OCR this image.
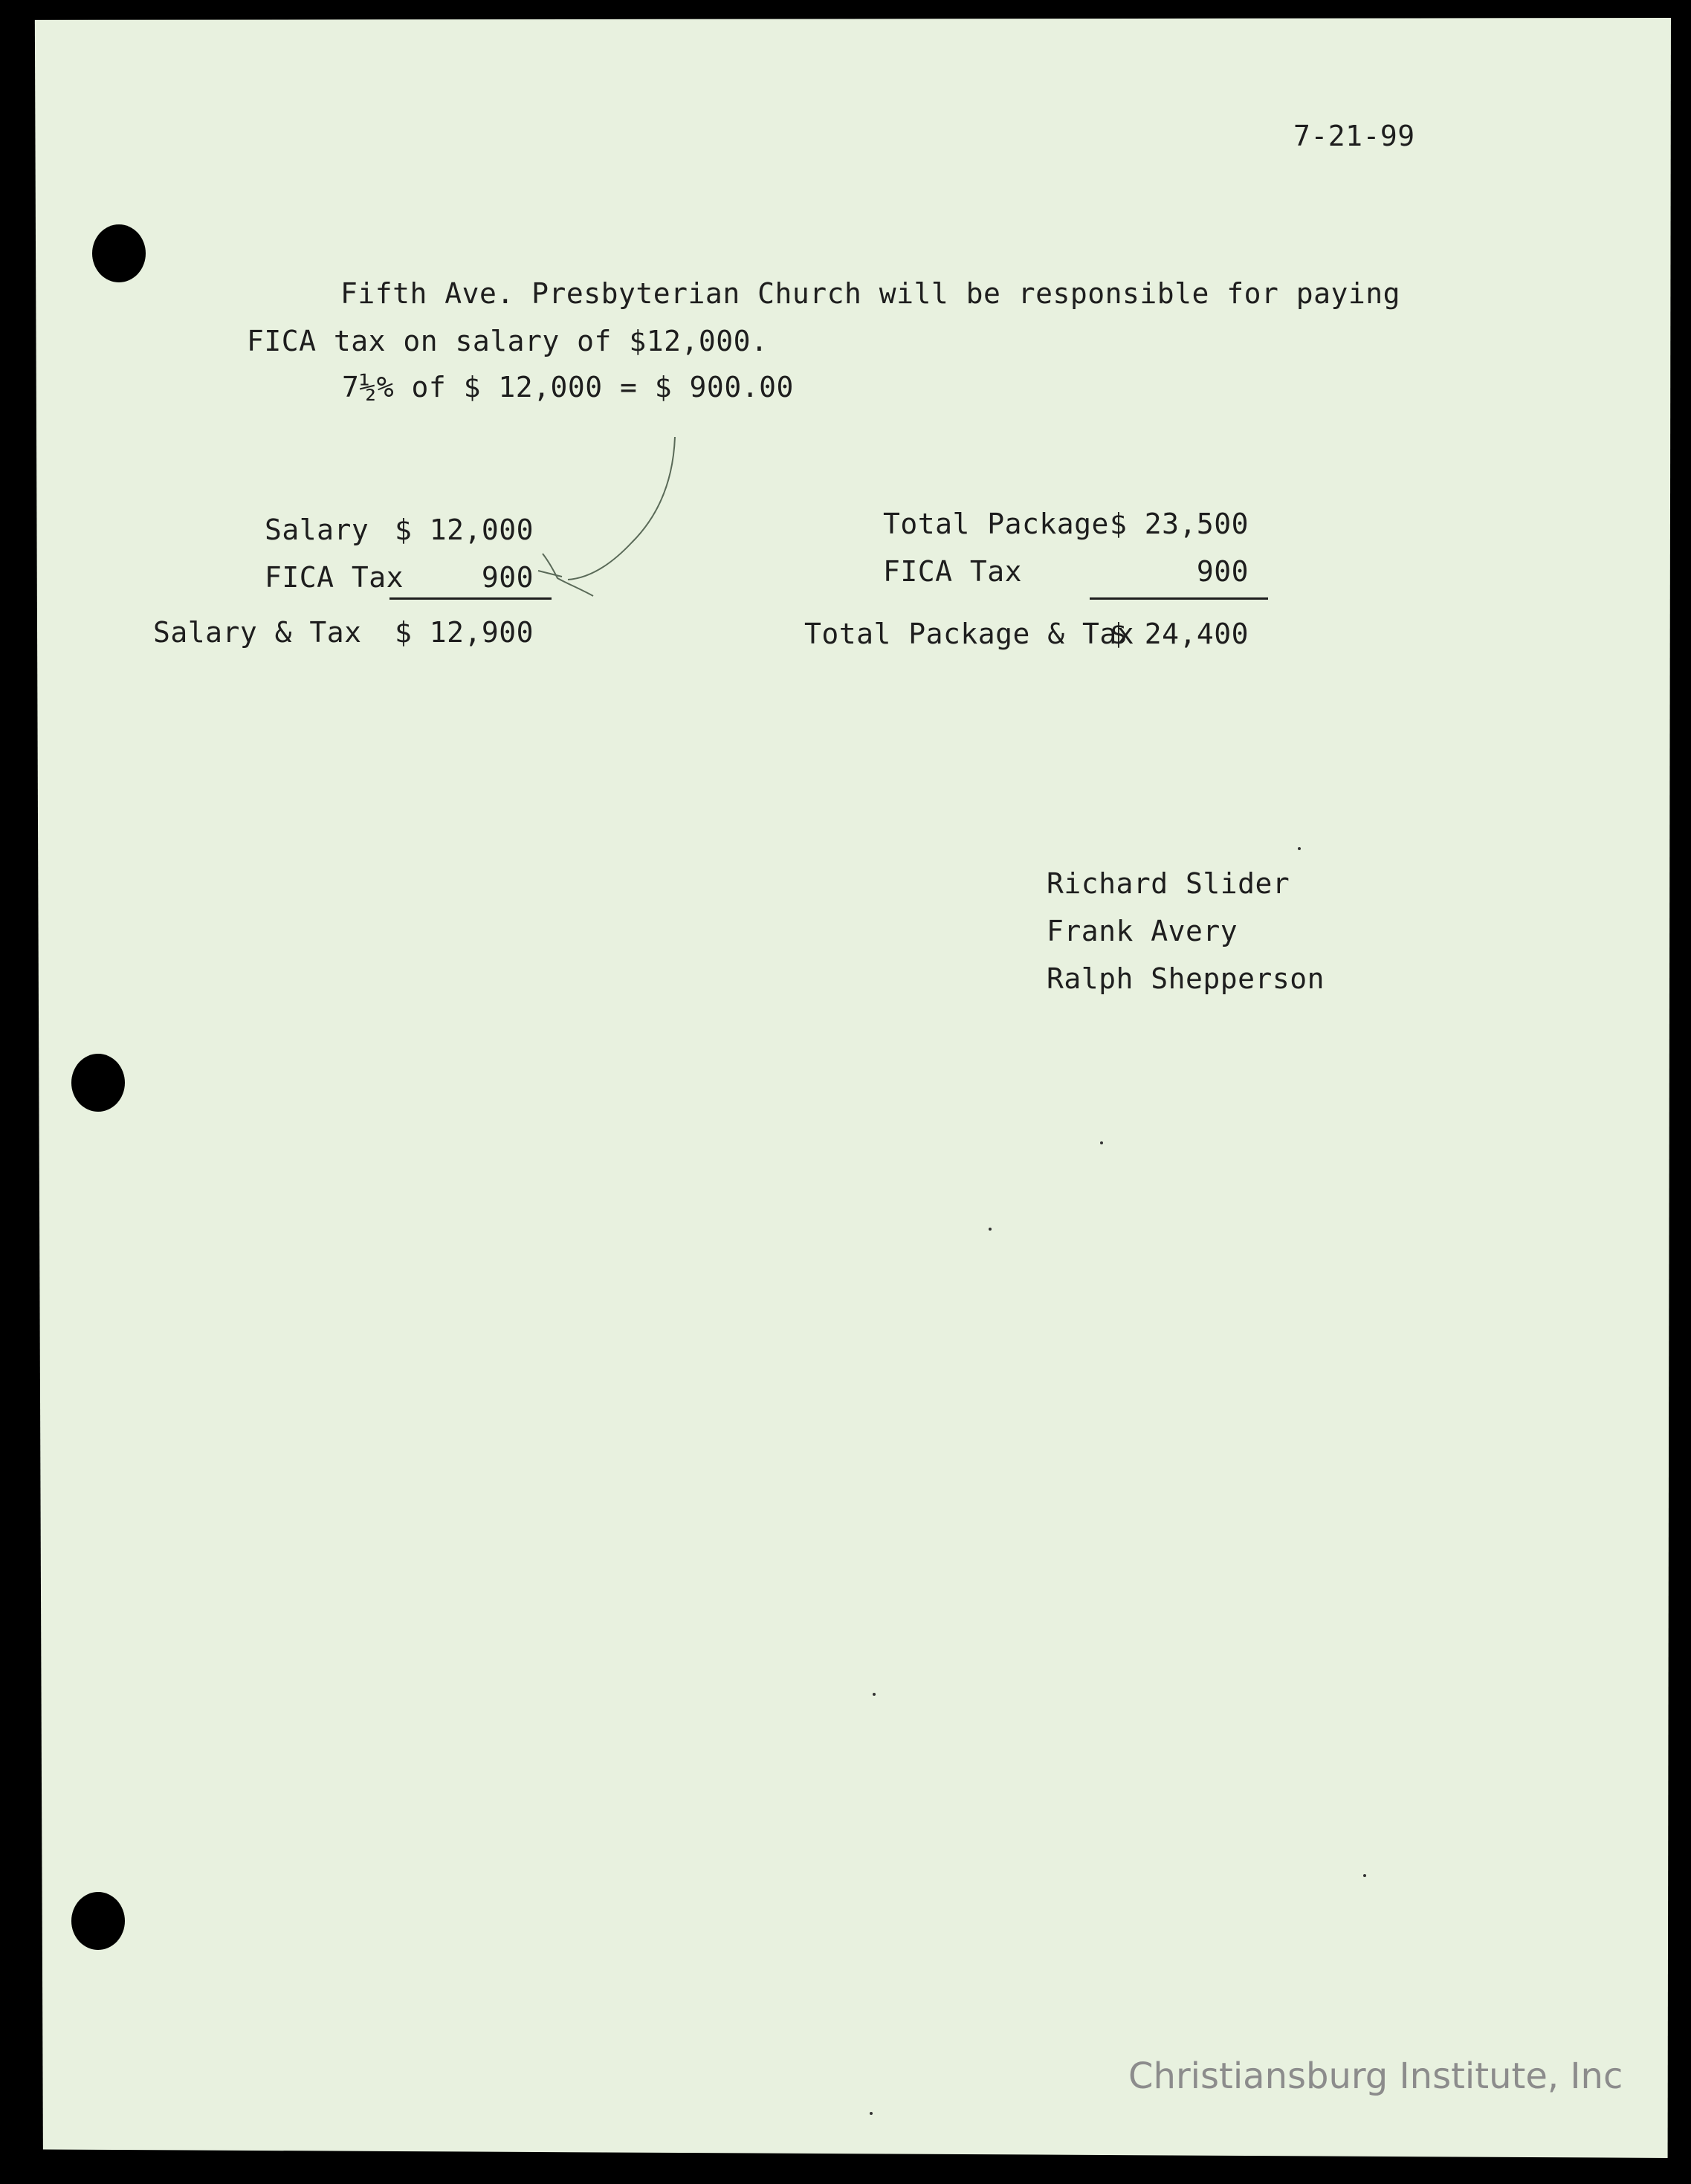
7-21-99
Fifth Ave. Presbyterian Church will be responsible for paying
FICA tax on salary of $12,000.
7½% of $ 12,000 = $ 900.00
Salary $ 12,000
FICA Tax	900
Salary & Tax $ 12,900
Total Package $ 23,500
FICA Tax	900
Total Package & Tax
$ 24,400
Richard Slider
Frank Avery
Ralph Shepperson
Christiansburg Institute, Inc
